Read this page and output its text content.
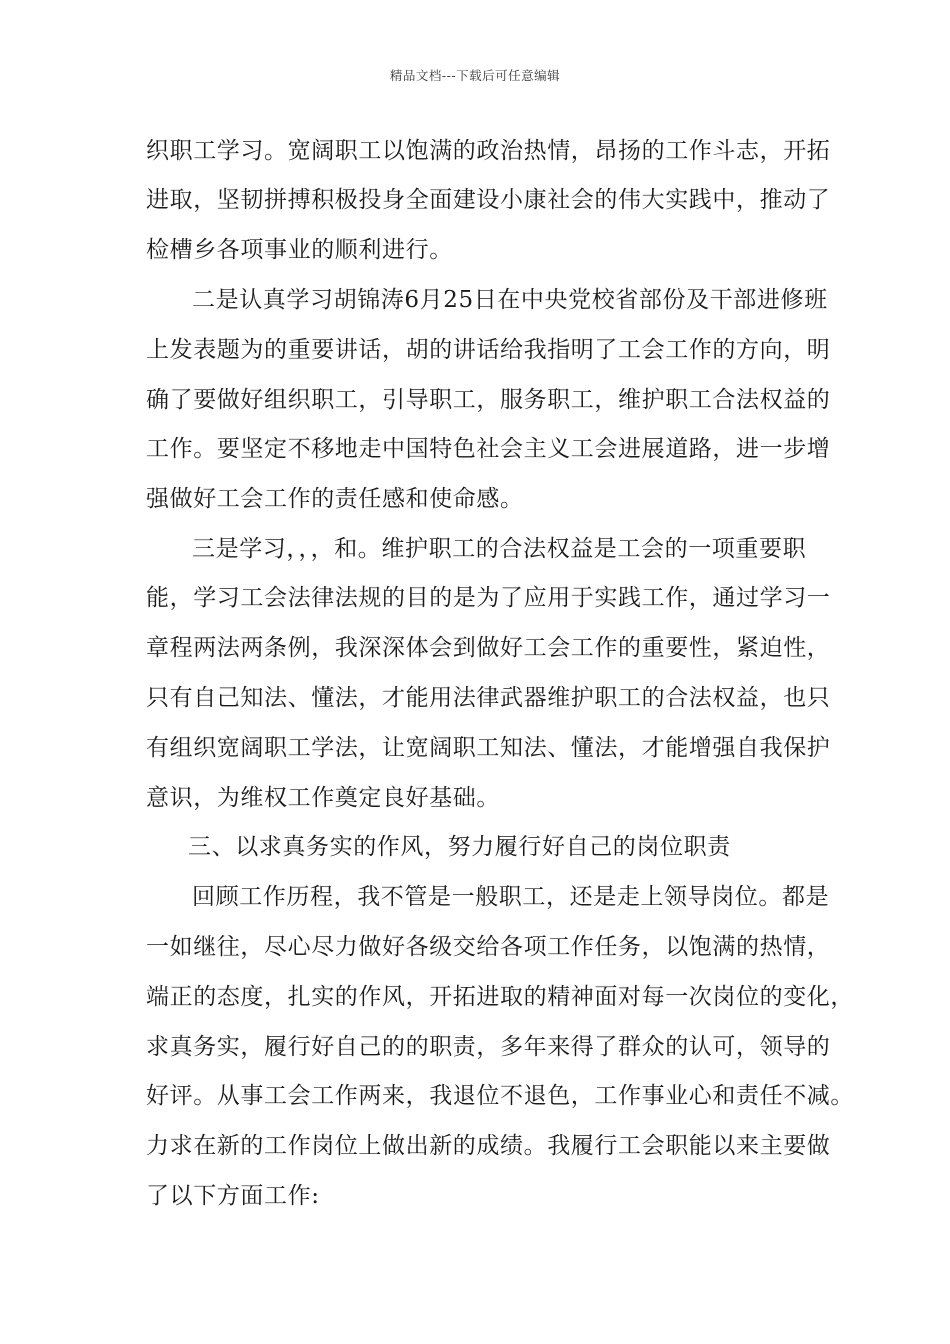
精品文档---下载后可任意编辑
织职工学习。宽阔职工以饱满的政治热情，昂扬的工作斗志，开拓
进取，坚韧拼搏积极投身全面建设小康社会的伟大实践中，推动了
检槽乡各项事业的顺利进行。
二是认真学习胡锦涛6月25日在中央党校省部份及干部进修班
上发表题为的重要讲话，胡的讲话给我指明了工会工作的方向，明
确了要做好组织职工，引导职工，服务职工，维护职工合法权益的
工作。要坚定不移地走中国特色社会主义工会进展道路，进一步增
强做好工会工作的责任感和使命感。
三是学习，，，和。维护职工的合法权益是工会的一项重要职
能，学习工会法律法规的目的是为了应用于实践工作，通过学习一
章程两法两条例，我深深体会到做好工会工作的重要性，紧迫性，
只有自己知法、懂法，才能用法律武器维护职工的合法权益，也只
有组织宽阔职工学法，让宽阔职工知法、懂法，才能增强自我保护
意识，为维权工作奠定良好基础。
三、以求真务实的作风，努力履行好自己的岗位职责
回顾工作历程，我不管是一般职工，还是走上领导岗位。都是
一如继往，尽心尽力做好各级交给各项工作任务，以饱满的热情，
端正的态度，扎实的作风，开拓进取的精神面对每一次岗位的变化，
求真务实，履行好自己的的职责，多年来得了群众的认可，领导的
好评。从事工会工作两来，我退位不退色，工作事业心和责任不减。
力求在新的工作岗位上做出新的成绩。我履行工会职能以来主要做
了以下方面工作:
